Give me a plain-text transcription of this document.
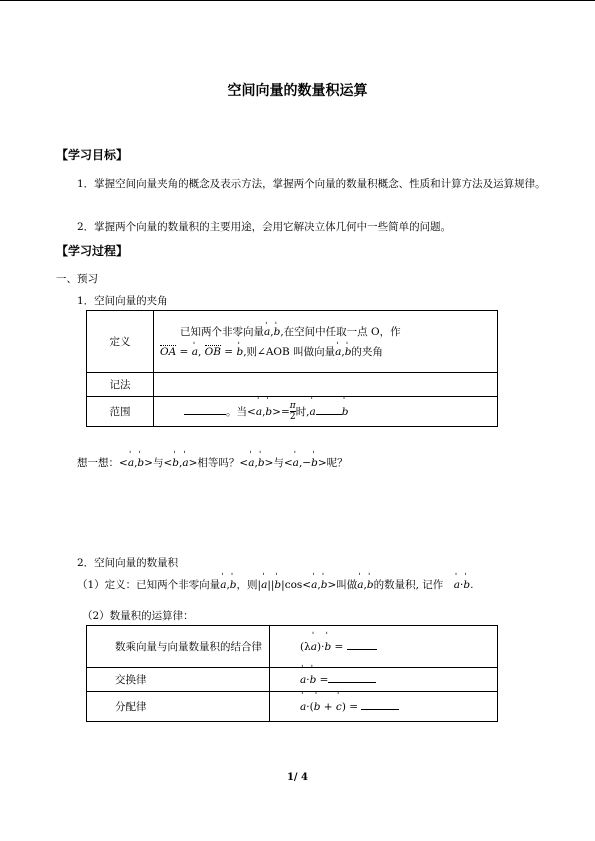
空间向量的数量积运算
【学习目标】
1．掌握空间向量夹角的概念及表示方法，掌握两个向量的数量积概念、性质和计算方法及运算规律。
2．掌握两个向量的数量积的主要用途，会用它解决立体几何中一些简单的问题。
【学习过程】
一、预习
1．空间向量的夹角
定义	已知两个非零向量ˈ a,ˈ b,在空间中任取一点 O，作
OA = ˈ a, OB = ˈ b,则∠AOB 叫做向量ˈ a,ˈ b的夹角

记法	
范围	。当<ˈ a,ˈ b>= π
2时,ˈ a ˈ b
想一想：<ˈ a,ˈ b>与<ˈ b,ˈ a>相等吗？<ˈ a,ˈ b>与<ˈ a,−ˈ b>呢？
2．空间向量的数量积
（1）定义：已知两个非零向量ˈ a,ˈ b，则|ˈ a||ˈ b|cos<ˈ a,ˈ b>叫做ˈ a,ˈ b的数量积, 记作　ˈ a·ˈ b.
（2）数量积的运算律：
数乘向量与向量数量积的结合律	(λˈ a)·ˈ b =
交换律	ˈ a·ˈ b =
分配律	ˈ a·(ˈ b + ˈ c) =
1/ 4
